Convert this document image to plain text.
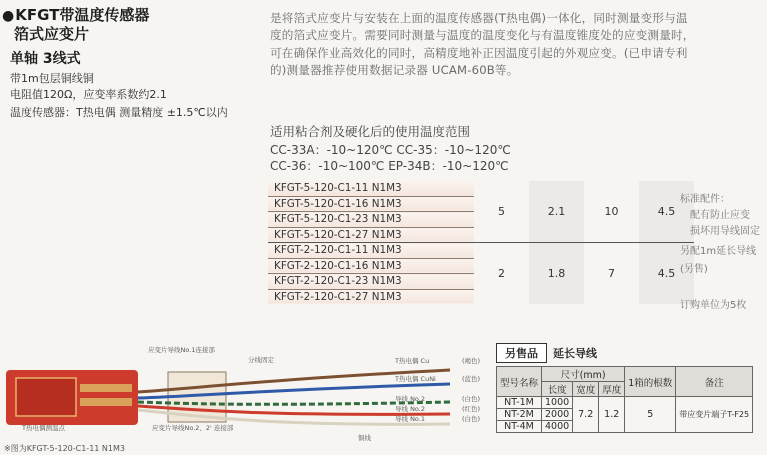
●KFGT带温度传感器
箔式应变片
单轴 3线式
带1m包层铜线铜
电阻值120Ω，应变率系数约2.1
温度传感器：T热电偶 测量精度 ±1.5℃以内
是将箔式应变片与安装在上面的温度传感器(T热电偶)一体化，同时测量变形与温
度的箔式应变片。需要同时测量与温度的温度变化与有温度锥度处的应变测量时，
可在确保作业高效化的同时，高精度地补正因温度引起的外观应变。(已申请专利
的)测量器推荐使用数据记录器 UCAM-60B等。
适用粘合剂及硬化后的使用温度范围
CC-33A：-10~120℃ CC-35：-10~120℃
CC-36：-10~100℃ EP-34B：-10~120℃
KFGT-5-120-C1-11 N1M3	5	2.1	10	4.5
KFGT-5-120-C1-16 N1M3				
KFGT-5-120-C1-23 N1M3				
KFGT-5-120-C1-27 N1M3				
KFGT-2-120-C1-11 N1M3	2	1.8	7	4.5
KFGT-2-120-C1-16 N1M3				
KFGT-2-120-C1-23 N1M3				
KFGT-2-120-C1-27 N1M3				
标准配件：
配有防止应变
损坏用导线固定
另配1m延长导线
(另售)
订购单位为5枚
应变片导线No.1连接部
分线固定	T热电偶 Cu
T热电偶 CuNi
导线 No.2
导线 No.2
导线 No.1
T热电偶测温点	应变片导线No.2、2' 连接部
铜线
(褐色)
(蓝色)
(白色)
(红色)
(白色)
※图为KFGT-5-120-C1-11 N1M3
另售品 延长导线
型号名称	尺寸(mm)			1箱的根数	备注
	长度	宽度	厚度		
NT-1M	1000	7.2	1.2	5	带应变片端子T-F25
NT-2M	2000				
NT-4M	4000				
